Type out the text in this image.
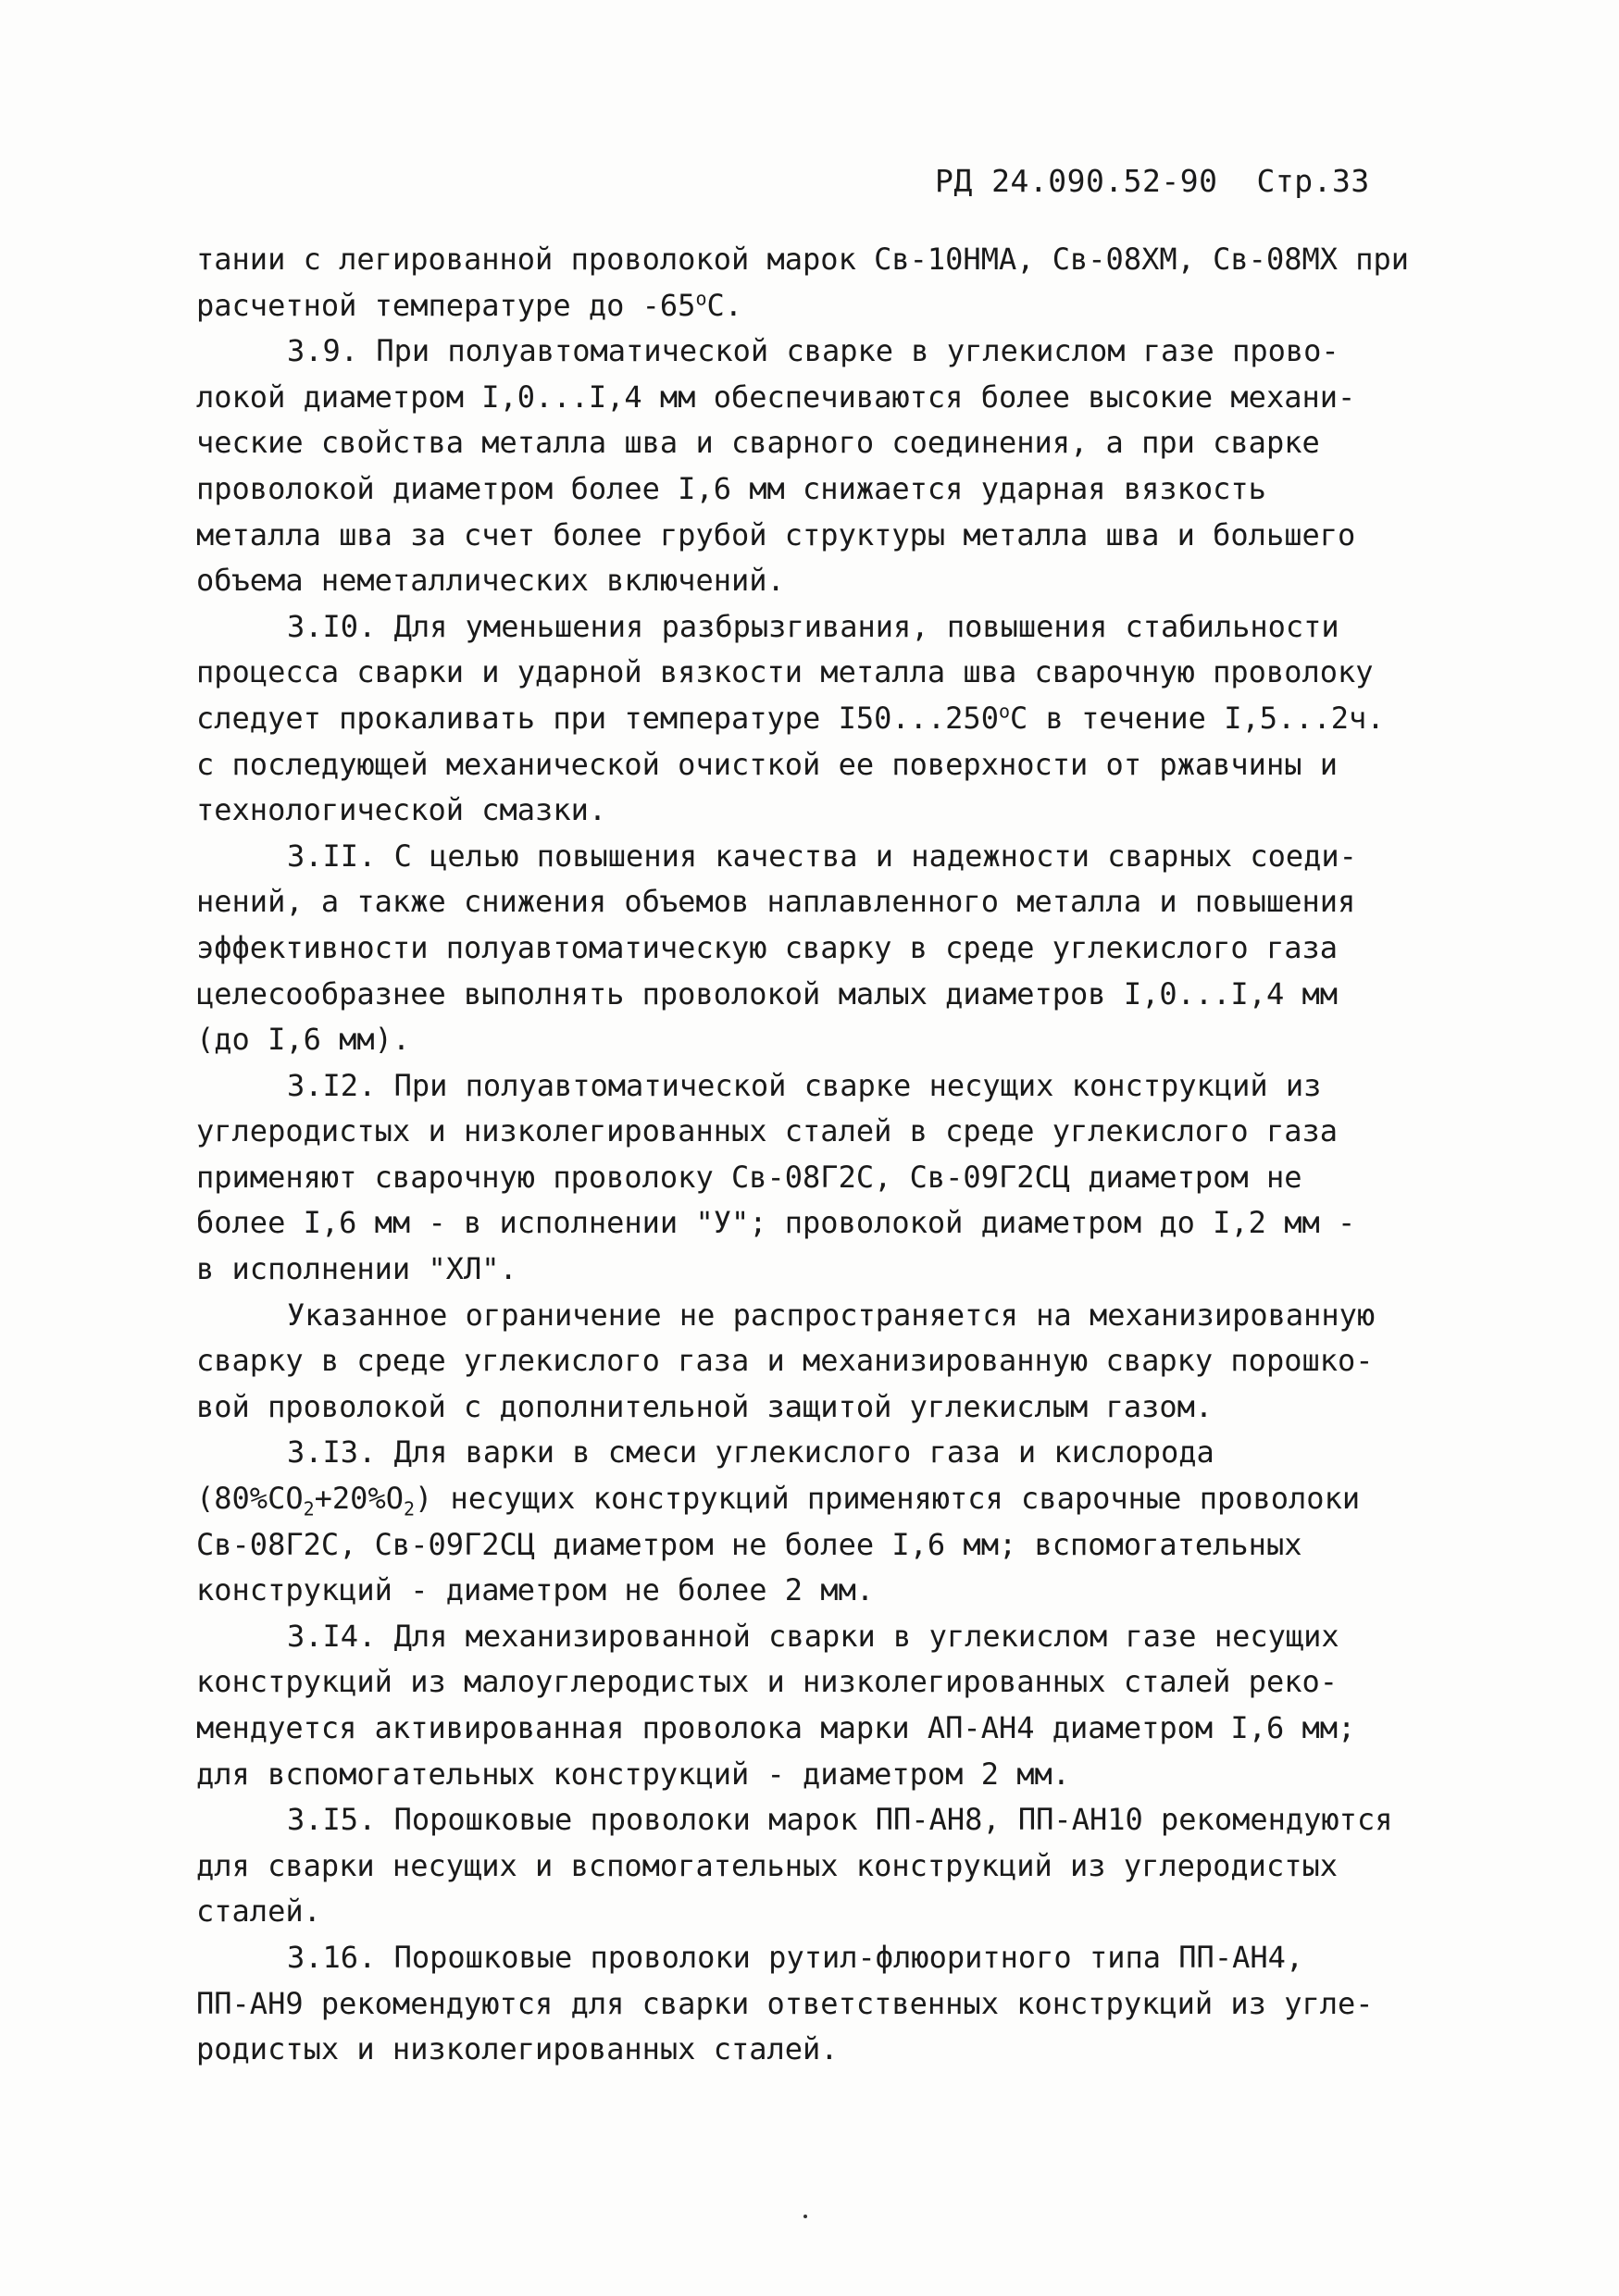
РД 24.090.52-90 Стр.33
тании с легированной проволокой марок Св-10НМА, Св-08ХМ, Св-08МХ при
расчетной температуре до $-65^оС$.
3.9. При полуавтоматической сварке в углекислом газе прово-
локой диаметром I,0...I,4 мм обеспечиваются более высокие механи-
ческие свойства металла шва и сварного соединения, а при сварке
проволокой диаметром более I,6 мм снижается ударная вязкость
металла шва за счет более грубой структуры металла шва и большего
объема неметаллических включений.
3.I0. Для уменьшения разбрызгивания, повышения стабильности
процесса сварки и ударной вязкости металла шва сварочную проволоку
следует прокаливать при температуре $I50...250^оС$ в течение I,5...2ч.
с последующей механической очисткой ее поверхности от ржавчины и
технологической смазки.
3.II. С целью повышения качества и надежности сварных соеди-
нений, а также снижения объемов наплавленного металла и повышения
эффективности полуавтоматическую сварку в среде углекислого газа
целесообразнее выполнять проволокой малых диаметров I,0...I,4 мм
(до I,6 мм).
3.I2. При полуавтоматической сварке несущих конструкций из
углеродистых и низколегированных сталей в среде углекислого газа
применяют сварочную проволоку Св-08Г2С, Св-09Г2СЦ диаметром не
более I,6 мм - в исполнении "У"; проволокой диаметром до I,2 мм -
в исполнении "ХЛ".
Указанное ограничение не распространяется на механизированную
сварку в среде углекислого газа и механизированную сварку порошко-
вой проволокой с дополнительной защитой углекислым газом.
3.I3. Для варки в смеси углекислого газа и кислорода
$(80\%СО_2+20\%О_2)$ несущих конструкций применяются сварочные проволоки
Св-08Г2С, Св-09Г2СЦ диаметром не более I,6 мм; вспомогательных
конструкций - диаметром не более 2 мм.
3.I4. Для механизированной сварки в углекислом газе несущих
конструкций из малоуглеродистых и низколегированных сталей реко-
мендуется активированная проволока марки АП-АН4 диаметром I,6 мм;
для вспомогательных конструкций - диаметром 2 мм.
3.I5. Порошковые проволоки марок ПП-АН8, ПП-АН10 рекомендуются
для сварки несущих и вспомогательных конструкций из углеродистых
сталей.
3.16. Порошковые проволоки рутил-флюоритного типа ПП-АН4,
ПП-АН9 рекомендуются для сварки ответственных конструкций из угле-
родистых и низколегированных сталей.
